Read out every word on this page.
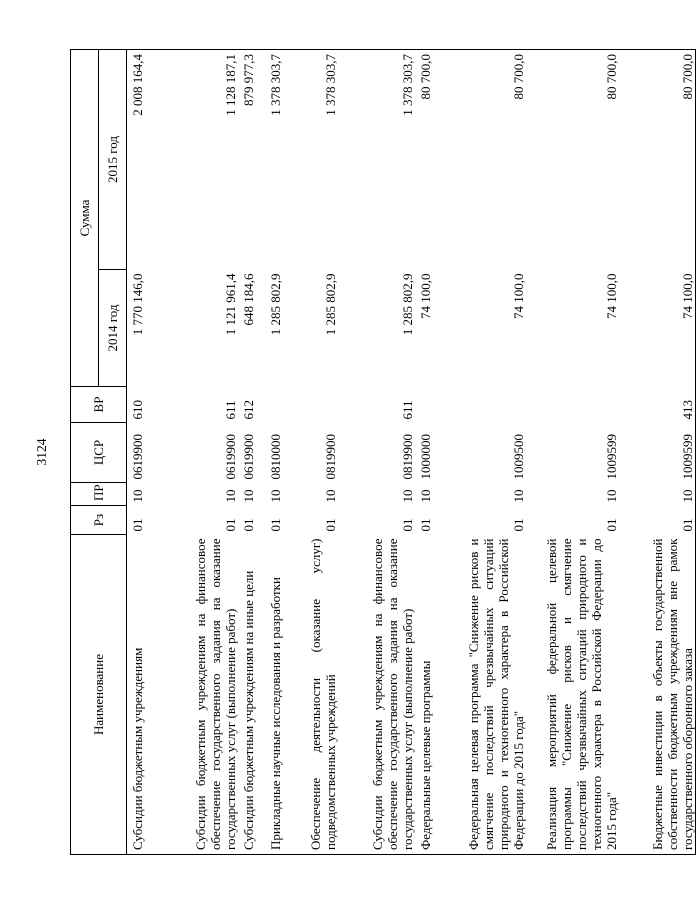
3124
Наименование	Рз	ПР	ЦСР	ВР	Сумма	
					2014 год	2015 год
Субсидии бюджетным учреждениям	01	10	0619900	610	1 770 146,0	2 008 164,4
Субсидии бюджетным учреждениям на финансовое обеспечение государственного задания на оказание государственных услуг (выполнение работ)	01	10	0619900	611	1 121 961,4	1 128 187,1
Субсидии бюджетным учреждениям на иные цели	01	10	0619900	612	648 184,6	879 977,3
Прикладные научные исследования и разработки	01	10	0810000		1 285 802,9	1 378 303,7
Обеспечение деятельности (оказание услуг) подведомственных учреждений	01	10	0819900		1 285 802,9	1 378 303,7
Субсидии бюджетным учреждениям на финансовое обеспечение государственного задания на оказание государственных услуг (выполнение работ)	01	10	0819900	611	1 285 802,9	1 378 303,7
Федеральные целевые программы	01	10	1000000		74 100,0	80 700,0
Федеральная целевая программа "Снижение рисков и смягчение последствий чрезвычайных ситуаций природного и техногенного характера в Российской Федерации до 2015 года"	01	10	1009500		74 100,0	80 700,0
Реализация мероприятий федеральной целевой программы "Снижение рисков и смягчение последствий чрезвычайных ситуаций природного и техногенного характера в Российской Федерации до 2015 года"	01	10	1009599		74 100,0	80 700,0
Бюджетные инвестиции в объекты государственной собственности бюджетным учреждениям вне рамок государственного оборонного заказа	01	10	1009599	413	74 100,0	80 700,0
